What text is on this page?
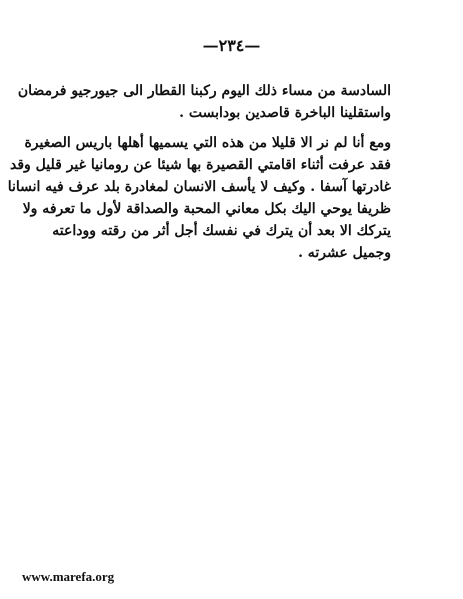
—٢٣٤—
السادسة من مساء ذلك اليوم ركبنا القطار الى جيورجيو فرمضان
واستقلينا الباخرة قاصدين بودابست .
ومع أنا لم نر الا قليلا من هذه التي يسميها أهلها باريس الصغيرة
فقد عرفت أثناء اقامتي القصيرة بها شيئا عن رومانيا غير قليل وقد
غادرتها آسفا . وكيف لا يأسف الانسان لمغادرة بلد عرف فيه انسانا
ظريفا يوحي اليك بكل معاني المحبة والصداقة لأول ما تعرفه ولا
يتركك الا بعد أن يترك في نفسك أجل أثر من رقته ووداعته
وجميل عشرته .
www.marefa.org
